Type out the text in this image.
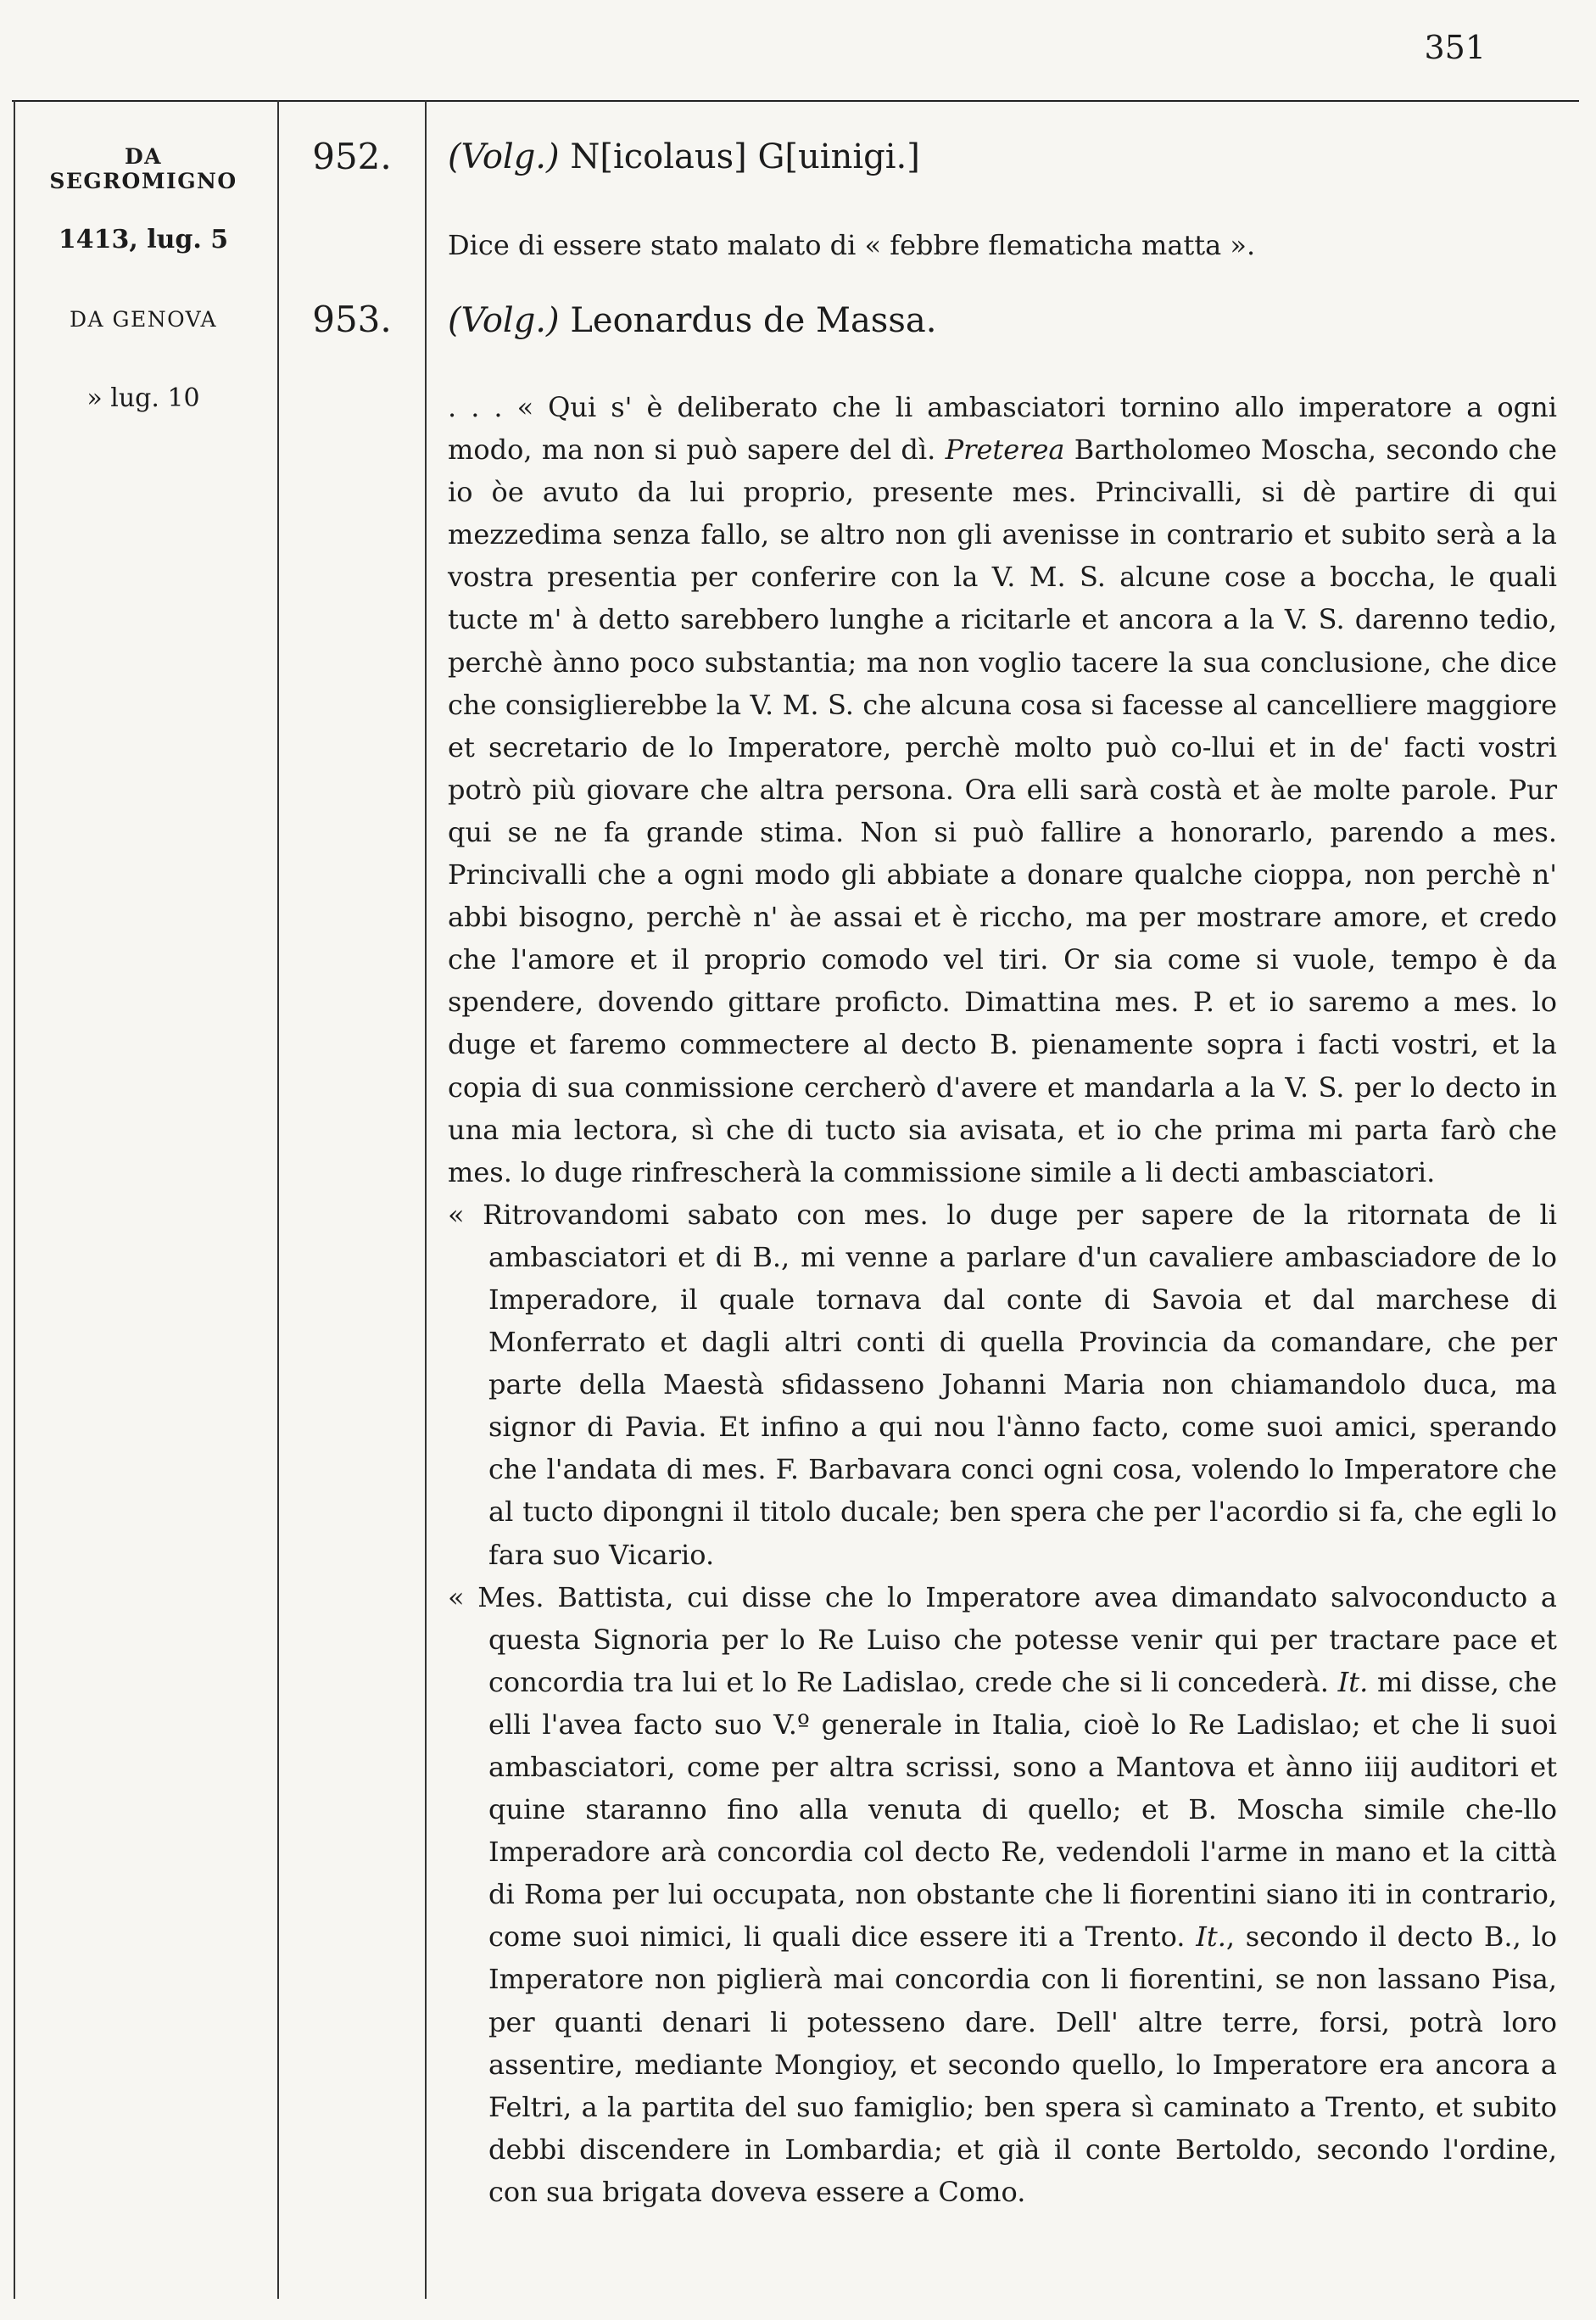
351
DA SEGROMIGNO
1413, lug. 5
DA GENOVA
» lug. 10
952.
953.
(Volg.) N[icolaus] G[uinigi.]
Dice di essere stato malato di « febbre flematicha matta ».
(Volg.) Leonardus de Massa.

. . . « Qui s' è deliberato che li ambasciatori tornino allo imperatore a ogni modo, ma non si può sapere del dì. Preterea Bartholomeo Moscha, secondo che io òe avuto da lui proprio, presente mes. Princivalli, si dè partire di qui mezzedima senza fallo, se altro non gli avenisse in contrario et subito serà a la vostra presentia per conferire con la V. M. S. alcune cose a boccha, le quali tucte m' à detto sarebbero lunghe a ricitarle et ancora a la V. S. darenno tedio, perchè ànno poco substantia; ma non voglio tacere la sua conclusione, che dice che consiglierebbe la V. M. S. che alcuna cosa si facesse al cancelliere maggiore et secretario de lo Imperatore, perchè molto può co-llui et in de' facti vostri potrò più giovare che altra persona. Ora elli sarà costà et àe molte parole. Pur qui se ne fa grande stima. Non si può fallire a honorarlo, parendo a mes. Princivalli che a ogni modo gli abbiate a donare qualche cioppa, non perchè n' abbi bisogno, perchè n' àe assai et è riccho, ma per mostrare amore, et credo che l'amore et il proprio comodo vel tiri. Or sia come si vuole, tempo è da spendere, dovendo gittare proficto. Dimattina mes. P. et io saremo a mes. lo duge et faremo commectere al decto B. pienamente sopra i facti vostri, et la copia di sua conmissione cercherò d'avere et mandarla a la V. S. per lo decto in una mia lectora, sì che di tucto sia avisata, et io che prima mi parta farò che mes. lo duge rinfrescherà la commissione simile a li decti ambasciatori.

« Ritrovandomi sabato con mes. lo duge per sapere de la ritornata de li ambasciatori et di B., mi venne a parlare d'un cavaliere ambasciadore de lo Imperadore, il quale tornava dal conte di Savoia et dal marchese di Monferrato et dagli altri conti di quella Provincia da comandare, che per parte della Maestà sfidasseno Johanni Maria non chiamandolo duca, ma signor di Pavia. Et infino a qui nou l'ànno facto, come suoi amici, sperando che l'andata di mes. F. Barbavara conci ogni cosa, volendo lo Imperatore che al tucto dipongni il titolo ducale; ben spera che per l'acordio si fa, che egli lo fara suo Vicario.

« Mes. Battista, cui disse che lo Imperatore avea dimandato salvoconducto a questa Signoria per lo Re Luiso che potesse venir qui per tractare pace et concordia tra lui et lo Re Ladislao, crede che si li concederà. It. mi disse, che elli l'avea facto suo V.º generale in Italia, cioè lo Re Ladislao; et che li suoi ambasciatori, come per altra scrissi, sono a Mantova et ànno iiij auditori et quine staranno fino alla venuta di quello; et B. Moscha simile che-llo Imperadore arà concordia col decto Re, vedendoli l'arme in mano et la città di Roma per lui occupata, non obstante che li fiorentini siano iti in contrario, come suoi nimici, li quali dice essere iti a Trento. It., secondo il decto B., lo Imperatore non piglierà mai concordia con li fiorentini, se non lassano Pisa, per quanti denari li potesseno dare. Dell' altre terre, forsi, potrà loro assentire, mediante Mongioy, et secondo quello, lo Imperatore era ancora a Feltri, a la partita del suo famiglio; ben spera sì caminato a Trento, et subito debbi discendere in Lombardia; et già il conte Bertoldo, secondo l'ordine, con sua brigata doveva essere a Como.
